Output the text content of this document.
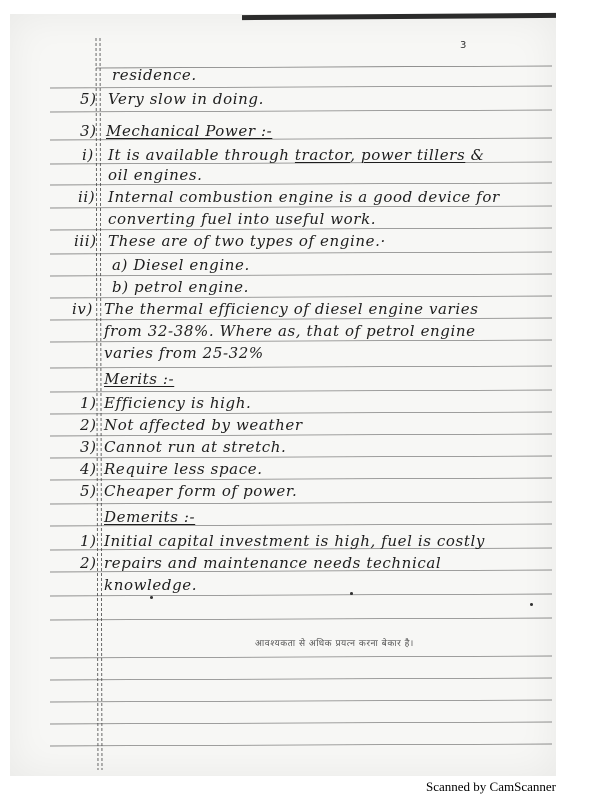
3
residence.
5) Very slow in doing.
3) Mechanical Power :-
i) It is available through tractor, power tillers &
oil engines.
ii) Internal combustion engine is a good device for
converting fuel into useful work.
iii) These are of two types of engine.·
a) Diesel engine.
b) petrol engine.
iv) The thermal efficiency of diesel engine varies
from 32-38%. Where as, that of petrol engine
varies from 25-32%
Merits :-
1) Efficiency is high.
2) Not affected by weather
3) Cannot run at stretch.
4) Require less space.
5) Cheaper form of power.
Demerits :-
1) Initial capital investment is high, fuel is costly
2) repairs and maintenance needs technical
knowledge.
आवश्यकता से अधिक प्रयत्न करना बेकार है।
Scanned by CamScanner
